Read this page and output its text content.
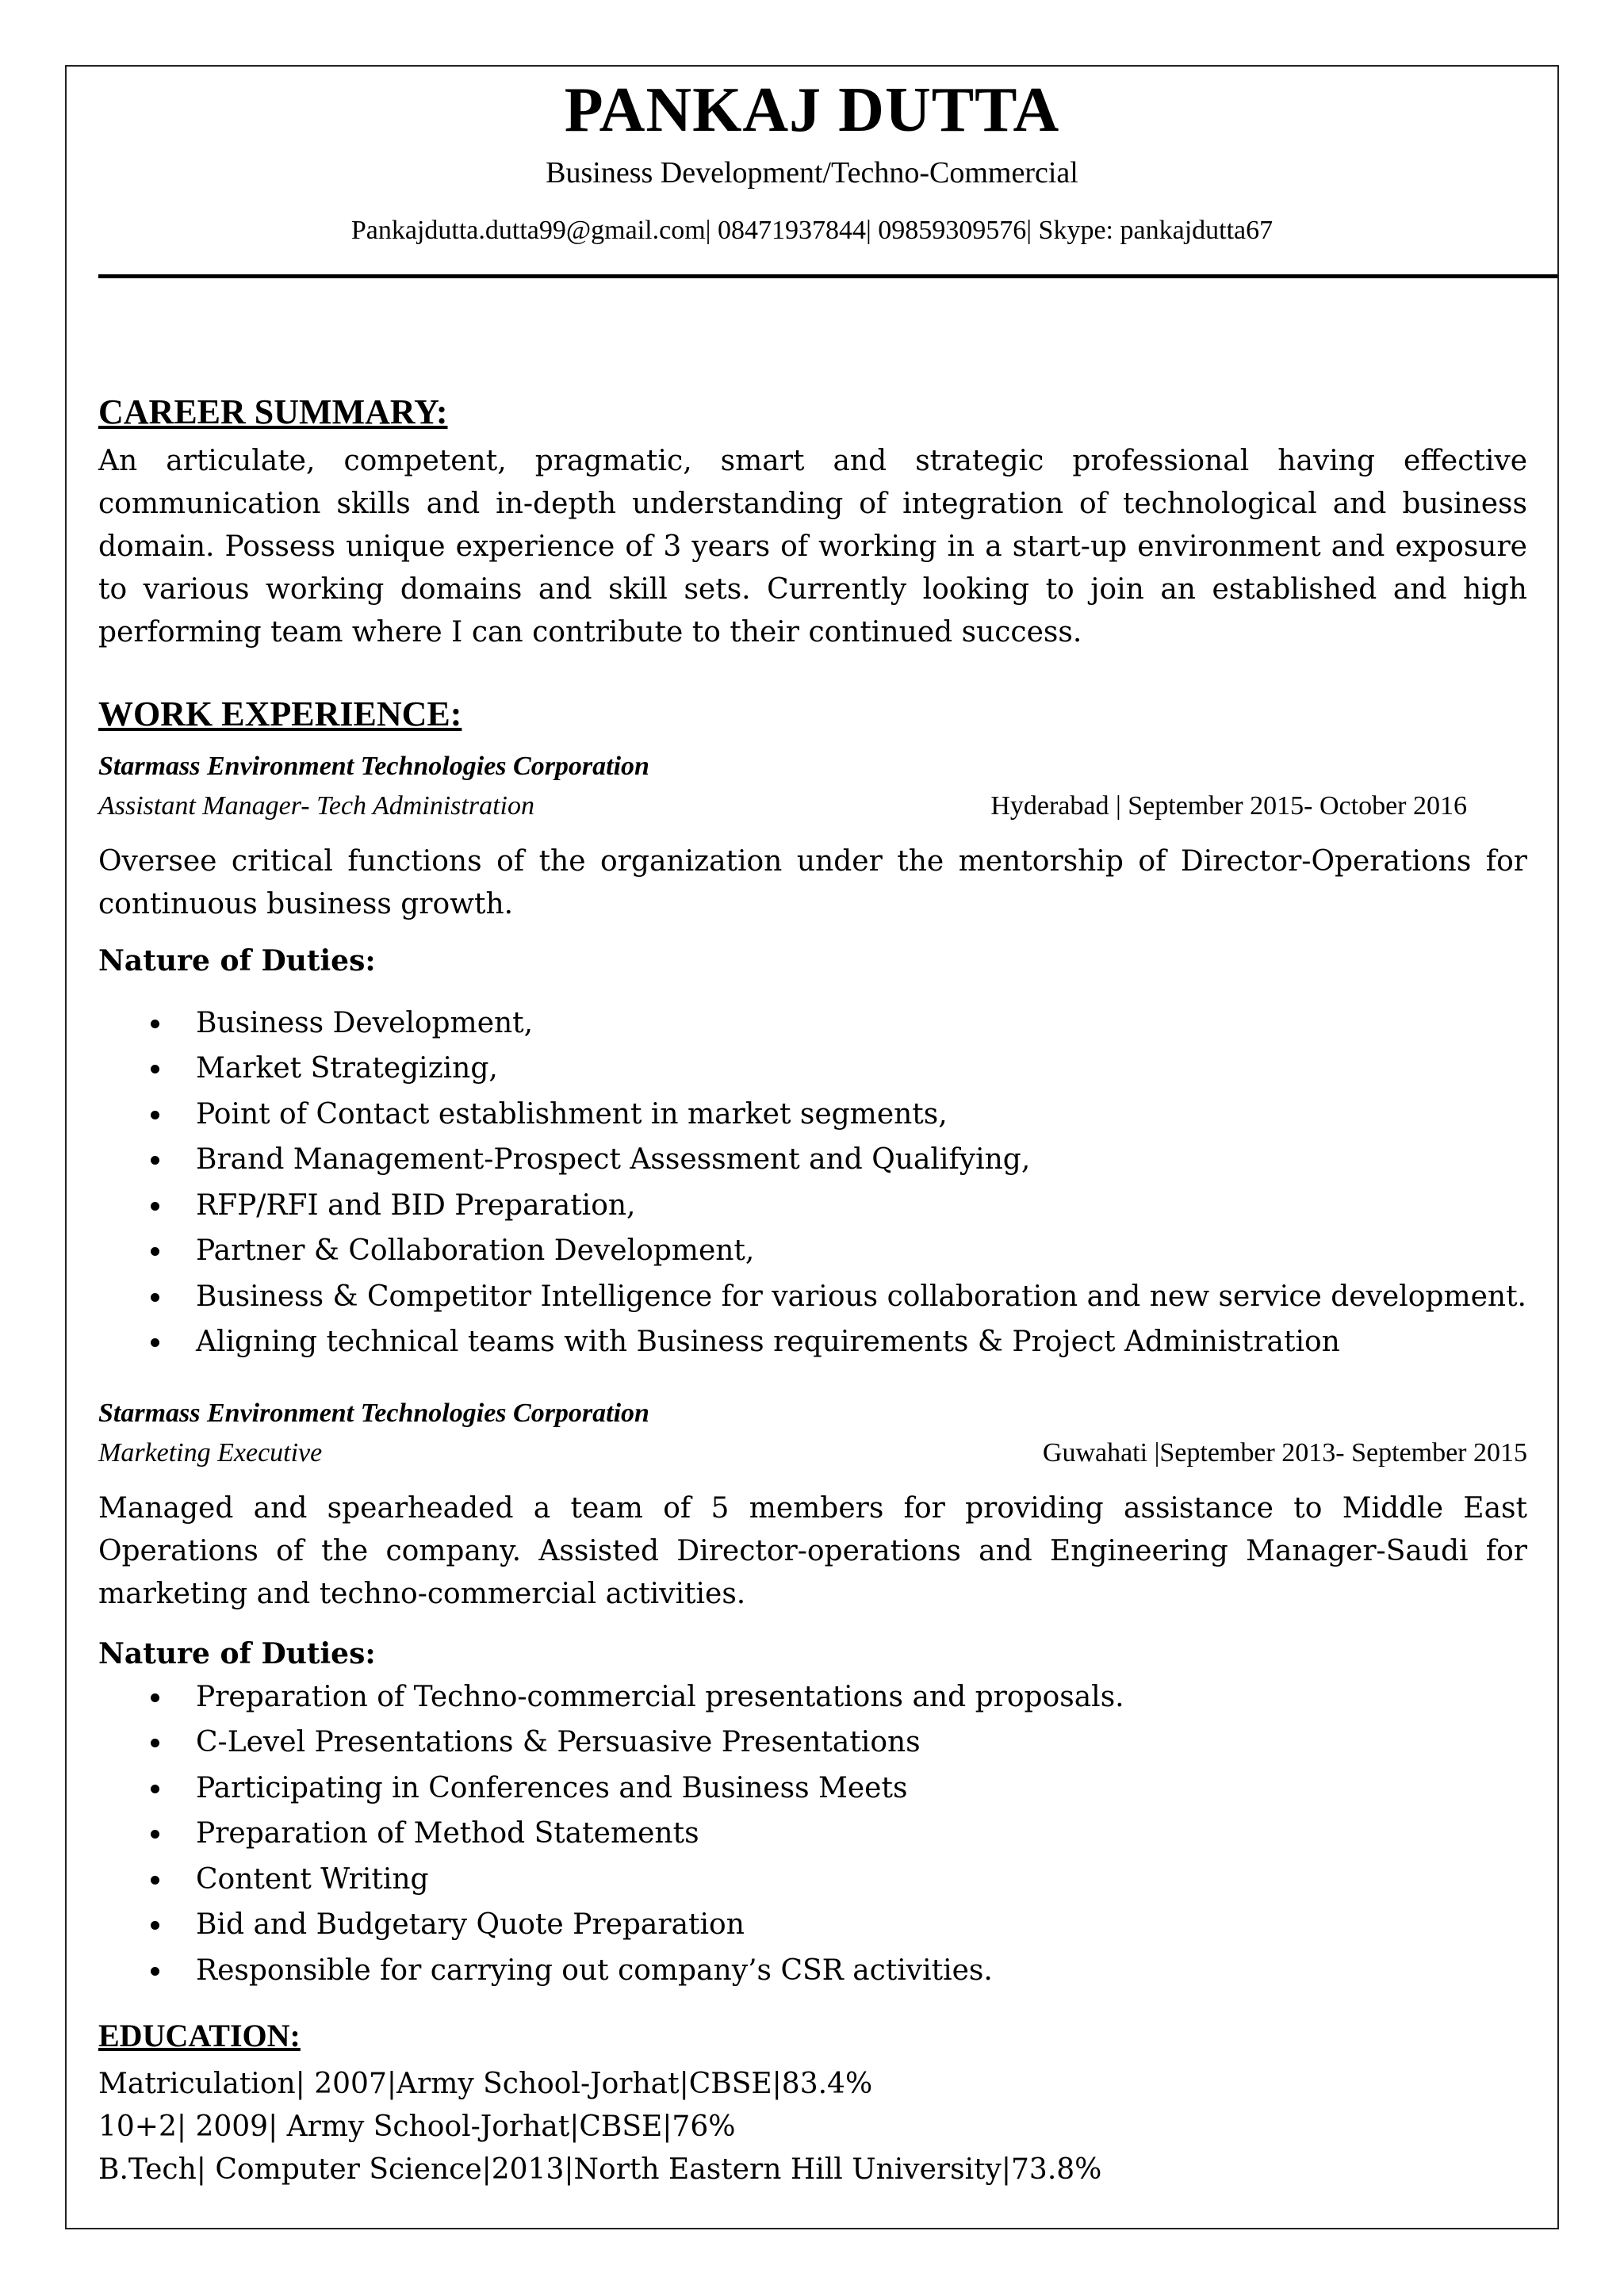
PANKAJ DUTTA
Business Development/Techno-Commercial
Pankajdutta.dutta99@gmail.com| 08471937844| 09859309576| Skype: pankajdutta67
CAREER SUMMARY:

An articulate, competent, pragmatic, smart and strategic professional having effective communication skills and in-depth understanding of integration of technological and business domain. Possess unique experience of 3 years of working in a start-up environment and exposure to various working domains and skill sets. Currently looking to join an established and high performing team where I can contribute to their continued success.

WORK EXPERIENCE:

Starmass Environment Technologies Corporation

Assistant Manager- Tech Administration	Hyderabad | September 2015- October 2016

Oversee critical functions of the organization under the mentorship of Director-Operations for continuous business growth.

Nature of Duties:

Business Development,
Market Strategizing,
Point of Contact establishment in market segments,
Brand Management-Prospect Assessment and Qualifying,
RFP/RFI and BID Preparation,
Partner & Collaboration Development,
Business & Competitor Intelligence for various collaboration and new service development.
Aligning technical teams with Business requirements & Project Administration

Starmass Environment Technologies Corporation

Marketing Executive	Guwahati |September 2013- September 2015

Managed and spearheaded a team of 5 members for providing assistance to Middle East Operations of the company. Assisted Director-operations and Engineering Manager-Saudi for marketing and techno-commercial activities.

Nature of Duties:

Preparation of Techno-commercial presentations and proposals.
C-Level Presentations & Persuasive Presentations
Participating in Conferences and Business Meets
Preparation of Method Statements
Content Writing
Bid and Budgetary Quote Preparation
Responsible for carrying out company’s CSR activities.
EDUCATION:

Matriculation| 2007|Army School-Jorhat|CBSE|83.4%

10+2| 2009| Army School-Jorhat|CBSE|76%

B.Tech| Computer Science|2013|North Eastern Hill University|73.8%
